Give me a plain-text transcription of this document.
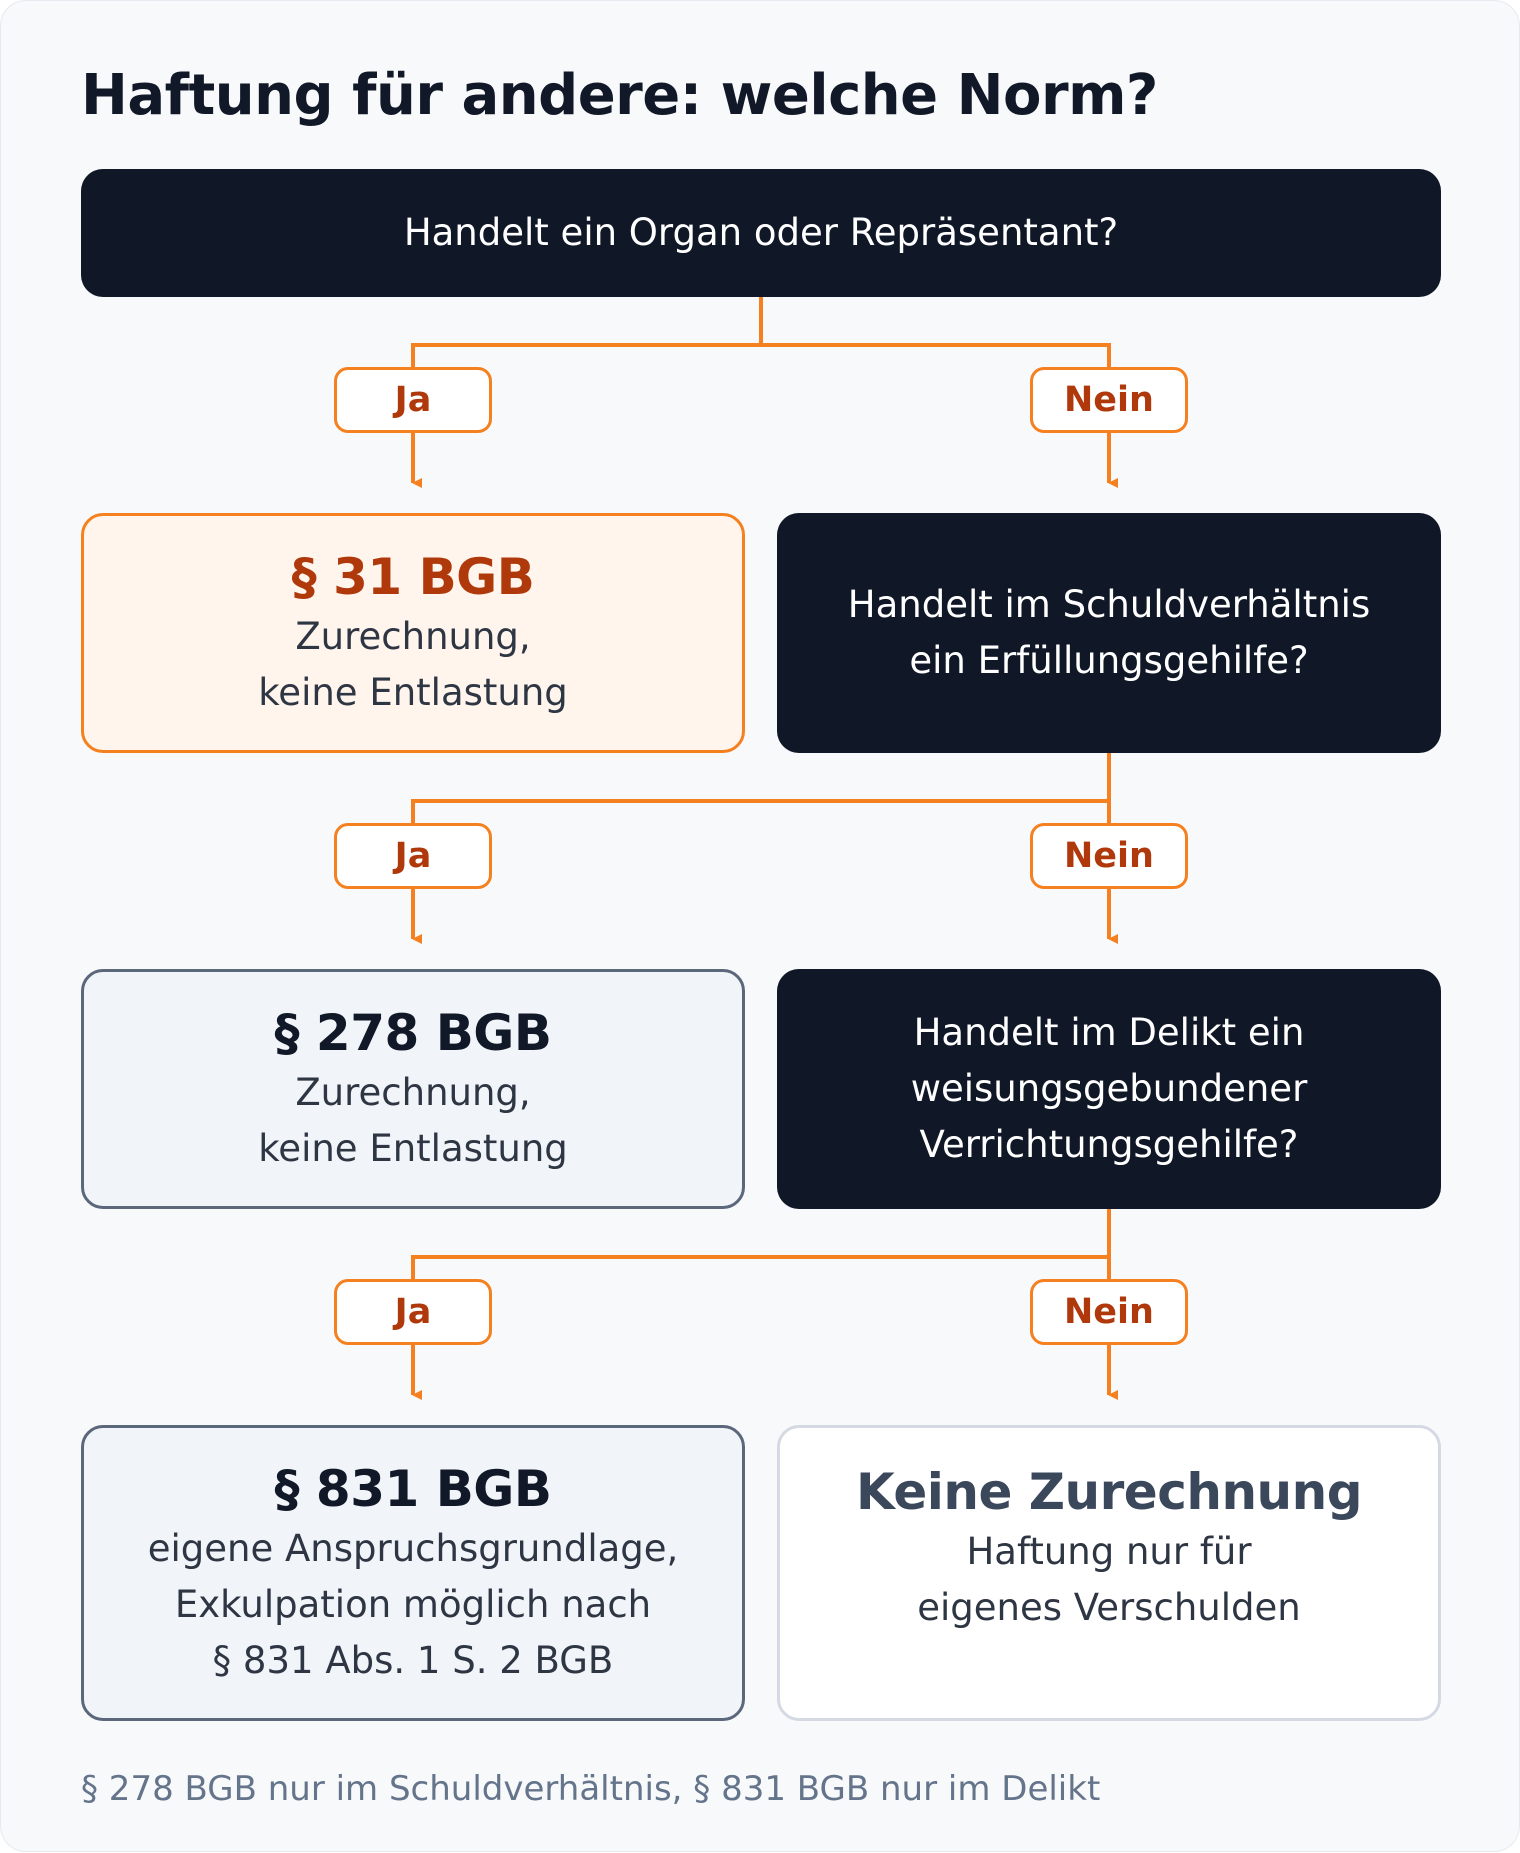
Haftung für andere: welche Norm?
Handelt ein Organ oder Repräsentant?
Ja	Nein
§ 31 BGB
Zurechnung,
keine Entlastung
Handelt im Schuldverhältnis
ein Erfüllungsgehilfe?
Ja	Nein
§ 278 BGB
Zurechnung,
keine Entlastung
Handelt im Delikt ein
weisungsgebundener
Verrichtungsgehilfe?
Ja	Nein
§ 831 BGB
eigene Anspruchsgrundlage,
Exkulpation möglich nach
§ 831 Abs. 1 S. 2 BGB
Keine Zurechnung
Haftung nur für
eigenes Verschulden
§ 278 BGB nur im Schuldverhältnis, § 831 BGB nur im Delikt
